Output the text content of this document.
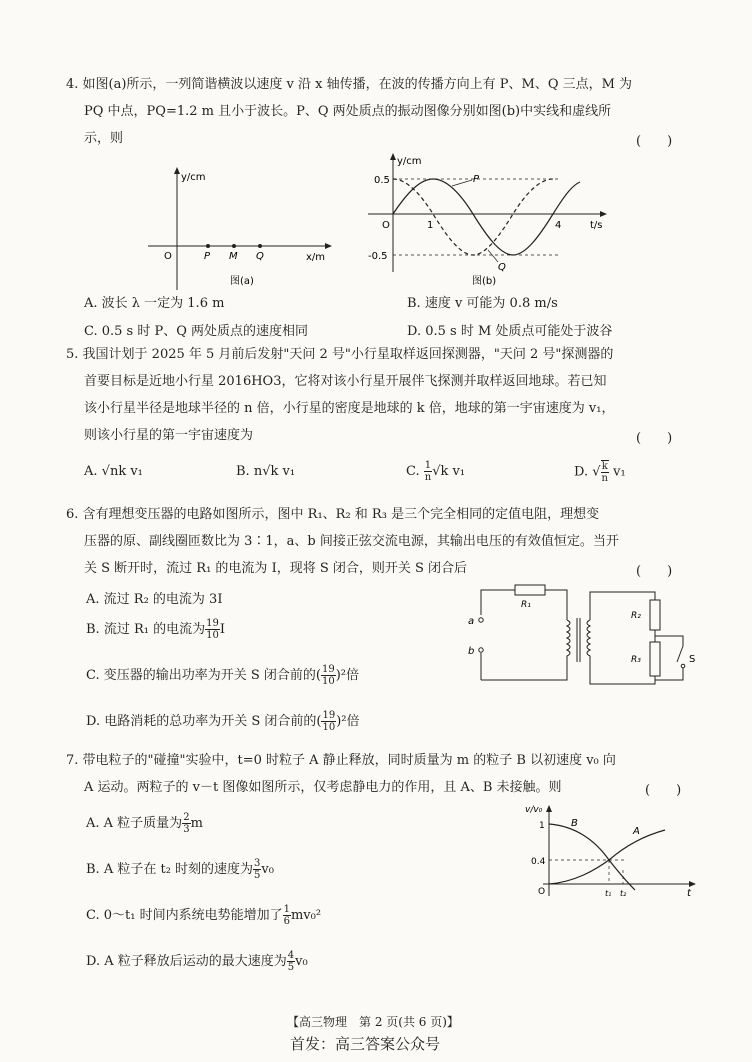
4. 如图(a)所示，一列简谐横波以速度 v 沿 x 轴传播，在波的传播方向上有 P、M、Q 三点，M 为
PQ 中点，PQ=1.2 m 且小于波长。P、Q 两处质点的振动图像分别如图(b)中实线和虚线所
示，则	(　　)
y/cm
x/m
O	P M Q
图(a)
y/cm
t/s
O
0.5
-0.5
1	4
P
Q
图(b)
A. 波长 λ 一定为 1.6 m	B. 速度 v 可能为 0.8 m/s
C. 0.5 s 时 P、Q 两处质点的速度相同	D. 0.5 s 时 M 处质点可能处于波谷
5. 我国计划于 2025 年 5 月前后发射"天问 2 号"小行星取样返回探测器，"天问 2 号"探测器的
首要目标是近地小行星 2016HO3，它将对该小行星开展伴飞探测并取样返回地球。若已知
该小行星半径是地球半径的 n 倍，小行星的密度是地球的 k 倍，地球的第一宇宙速度为 v₁，
则该小行星的第一宇宙速度为	(　　)
A. √nk v₁	B. n√k v₁	C. $\frac{1}{n} √k$ v₁	D. √ $\frac{k}{n} v_1$
6. 含有理想变压器的电路如图所示，图中 R₁、R₂ 和 R₃ 是三个完全相同的定值电阻，理想变
压器的原、副线圈匝数比为 3∶1，a、b 间接正弦交流电源，其输出电压的有效值恒定。当开
关 S 断开时，流过 R₁ 的电流为 I，现将 S 闭合，则开关 S 闭合后	(　　)
A. 流过 R₂ 的电流为 3I
B. 流过 R₁ 的电流为 $\frac{19}{10}$ I
C. 变压器的输出功率为开关 S 闭合前的( $\frac{19}{10} )^2$倍
D. 电路消耗的总功率为开关 S 闭合前的( $\frac{19}{10} )^2$倍
R₁
a
b
R₂
R₃	S
7. 带电粒子的"碰撞"实验中，t=0 时粒子 A 静止释放，同时质量为 m 的粒子 B 以初速度 v₀ 向
A 运动。两粒子的 v－t 图像如图所示，仅考虑静电力的作用，且 A、B 未接触。则	(　　)
A. A 粒子质量为 $\frac{2}{3}$ m
B. A 粒子在 t₂ 时刻的速度为 $\frac{3}{5} v_0$
C. 0～t₁ 时间内系统电势能增加了 $\frac{1}{6} mv_0^2$
D. A 粒子释放后运动的最大速度为 $\frac{4}{5} v_0$
v/v₀
t
O
1
0.4
B
A
t₁ t₂
【高三物理　第 2 页(共 6 页)】
首发：高三答案公众号
